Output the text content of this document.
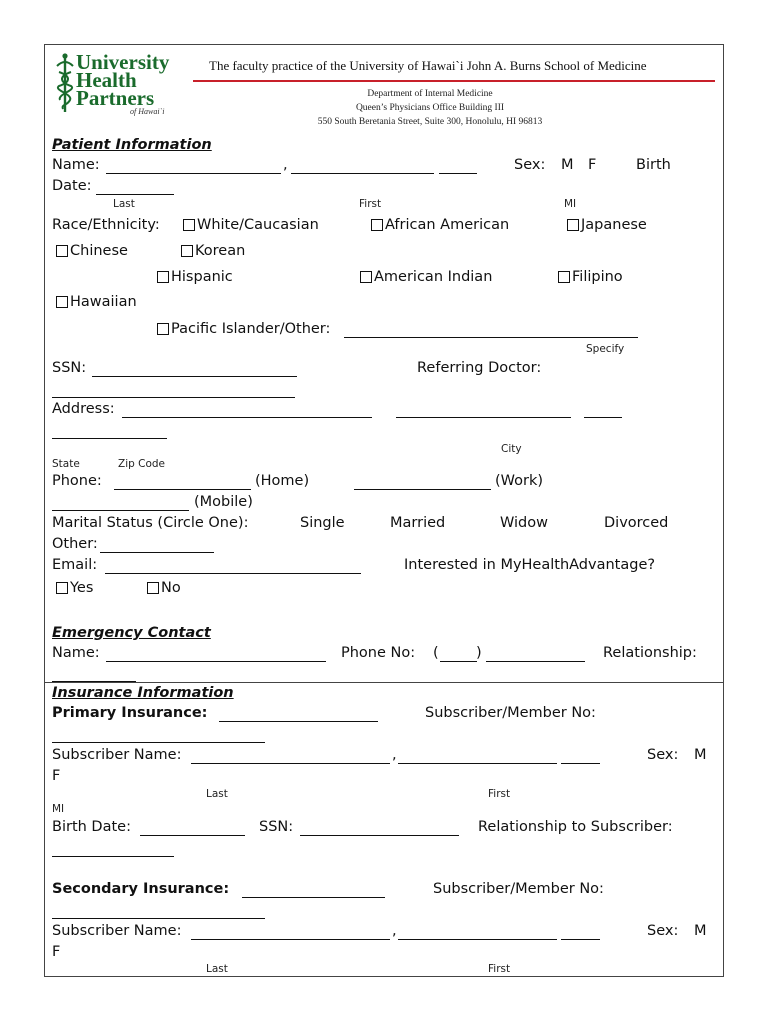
University
Health
Partners
of Hawai`i
The faculty practice of the University of Hawai`i John A. Burns School of Medicine
Department of Internal Medicine
Queen’s Physicians Office Building III
550 South Beretania Street, Suite 300, Honolulu, HI 96813
Patient Information
Name:	,	Sex: M F	Birth
Date:
Last	First	MI
Race/Ethnicity:	White/Caucasian	African American	Japanese
Chinese	Korean
Hispanic	American Indian	Filipino
Hawaiian
Pacific Islander/Other:
Specify
SSN:	Referring Doctor:
Address:
City
State	Zip Code
Phone:	(Home)	(Work)
(Mobile)
Marital Status (Circle One):	Single	Married	Widow	Divorced
Other:
Email:	Interested in MyHealthAdvantage?
Yes	No
Emergency Contact
Name:	Phone No: (	)	Relationship:
Insurance Information
Primary Insurance:	Subscriber/Member No:
Subscriber Name:	,	Sex: M
F
Last	First
MI
Birth Date:	SSN:	Relationship to Subscriber:
Secondary Insurance:	Subscriber/Member No:
Subscriber Name:	,	Sex: M
F
Last	First
